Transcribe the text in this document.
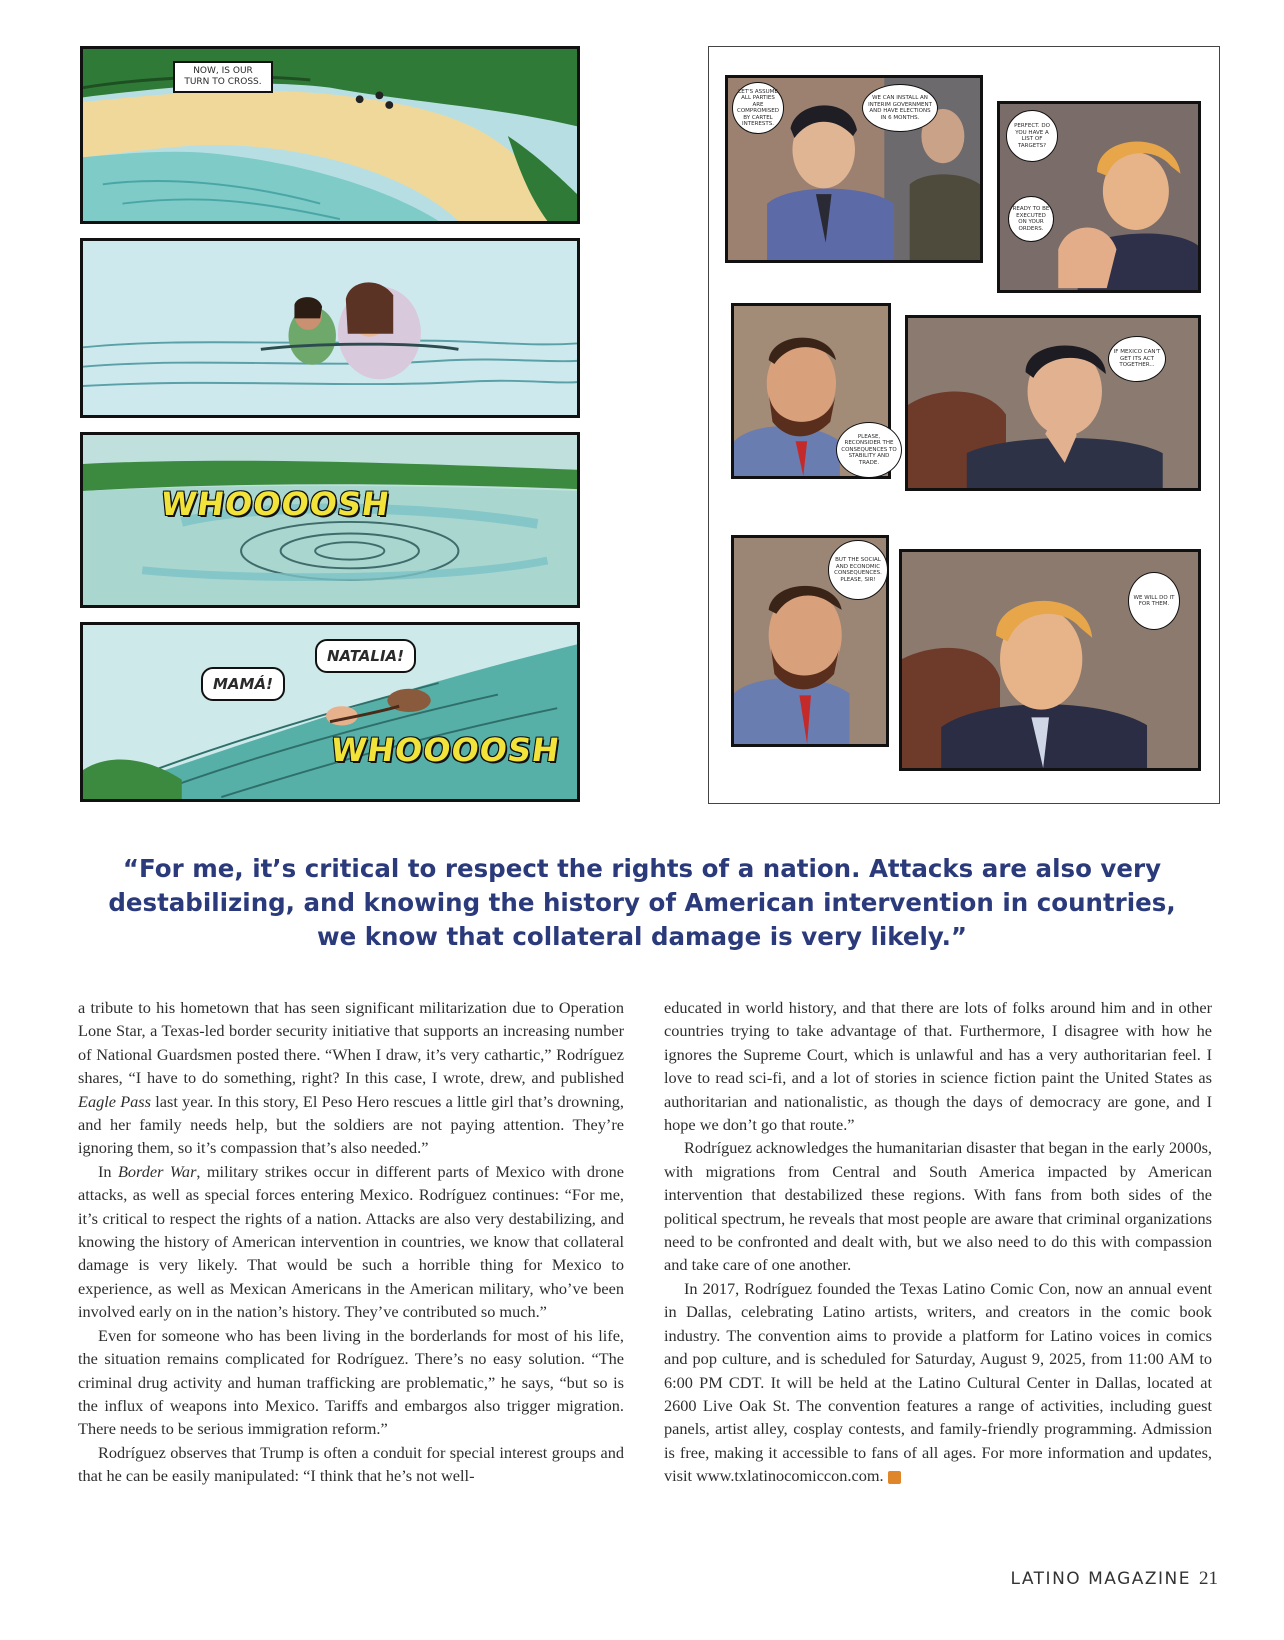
NOW, IS OUR TURN TO CROSS.
WHOOOOSH
MAMÁ!
NATALIA!
WHOOOOSH
LET'S ASSUME ALL PARTIES ARE COMPROMISED BY CARTEL INTERESTS.
WE CAN INSTALL AN INTERIM GOVERNMENT AND HAVE ELECTIONS IN 6 MONTHS.
PERFECT. DO YOU HAVE A LIST OF TARGETS?
READY TO BE EXECUTED ON YOUR ORDERS.
IF MEXICO CAN'T GET ITS ACT TOGETHER...
PLEASE, RECONSIDER THE CONSEQUENCES TO STABILITY AND TRADE.
BUT THE SOCIAL AND ECONOMIC CONSEQUENCES. PLEASE, SIR!
WE WILL DO IT FOR THEM.
“For me, it’s critical to respect the rights of a nation. Attacks are also very destabilizing, and knowing the history of American intervention in countries, we know that collateral damage is very likely.”

a tribute to his hometown that has seen significant militarization due to Operation Lone Star, a Texas-led border security initiative that supports an increasing number of National Guardsmen posted there. “When I draw, it’s very cathartic,” Rodríguez shares, “I have to do something, right? In this case, I wrote, drew, and published Eagle Pass last year. In this story, El Peso Hero rescues a little girl that’s drowning, and her family needs help, but the soldiers are not paying attention. They’re ignoring them, so it’s compassion that’s also needed.”

In Border War, military strikes occur in different parts of Mexico with drone attacks, as well as special forces entering Mexico. Rodríguez continues: “For me, it’s critical to respect the rights of a nation. Attacks are also very destabilizing, and knowing the history of American intervention in countries, we know that collateral damage is very likely. That would be such a horrible thing for Mexico to experience, as well as Mexican Americans in the American military, who’ve been involved early on in the nation’s history. They’ve contributed so much.”

Even for someone who has been living in the borderlands for most of his life, the situation remains complicated for Rodríguez. There’s no easy solution. “The criminal drug activity and human trafficking are problematic,” he says, “but so is the influx of weapons into Mexico. Tariffs and embargos also trigger migration. There needs to be serious immigration reform.”

Rodríguez observes that Trump is often a conduit for special interest groups and that he can be easily manipulated: “I think that he’s not well-

educated in world history, and that there are lots of folks around him and in other countries trying to take advantage of that. Furthermore, I disagree with how he ignores the Supreme Court, which is unlawful and has a very authoritarian feel. I love to read sci-fi, and a lot of stories in science fiction paint the United States as authoritarian and nationalistic, as though the days of democracy are gone, and I hope we don’t go that route.”

Rodríguez acknowledges the humanitarian disaster that began in the early 2000s, with migrations from Central and South America impacted by American intervention that destabilized these regions. With fans from both sides of the political spectrum, he reveals that most people are aware that criminal organizations need to be confronted and dealt with, but we also need to do this with compassion and take care of one another.

In 2017, Rodríguez founded the Texas Latino Comic Con, now an annual event in Dallas, celebrating Latino artists, writers, and creators in the comic book industry. The convention aims to provide a platform for Latino voices in comics and pop culture, and is scheduled for Saturday, August 9, 2025, from 11:00 AM to 6:00 PM CDT. It will be held at the Latino Cultural Center in Dallas, located at 2600 Live Oak St. The convention features a range of activities, including guest panels, artist alley, cosplay contests, and family-friendly programming. Admission is free, making it accessible to fans of all ages. For more information and updates, visit www.txlatinocomiccon.com. L

LATINO MAGAZINE 21
